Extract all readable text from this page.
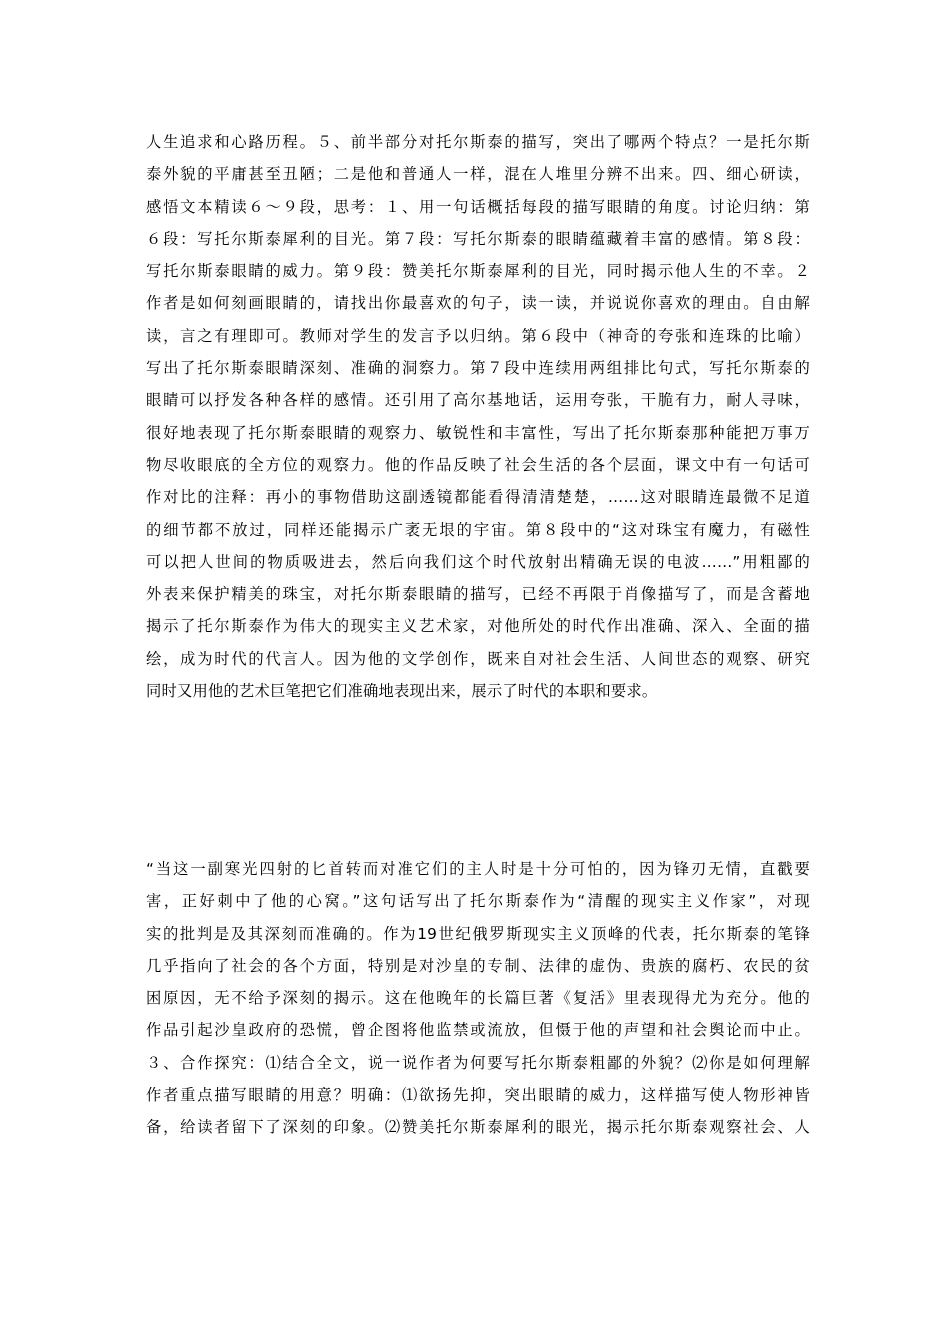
人生追求和心路历程。５、前半部分对托尔斯泰的描写，突出了哪两个特点？一是托尔斯
泰外貌的平庸甚至丑陋；二是他和普通人一样，混在人堆里分辨不出来。四、细心研读，
感悟文本精读６～９段，思考：１、用一句话概括每段的描写眼睛的角度。讨论归纳：第
６段：写托尔斯泰犀利的目光。第７段：写托尔斯泰的眼睛蕴藏着丰富的感情。第８段：
写托尔斯泰眼睛的威力。第９段：赞美托尔斯泰犀利的目光，同时揭示他人生的不幸。２
作者是如何刻画眼睛的，请找出你最喜欢的句子，读一读，并说说你喜欢的理由。自由解
读，言之有理即可。教师对学生的发言予以归纳。第６段中（神奇的夸张和连珠的比喻）
写出了托尔斯泰眼睛深刻、准确的洞察力。第７段中连续用两组排比句式，写托尔斯泰的
眼睛可以抒发各种各样的感情。还引用了高尔基地话，运用夸张，干脆有力，耐人寻味，
很好地表现了托尔斯泰眼睛的观察力、敏锐性和丰富性，写出了托尔斯泰那种能把万事万
物尽收眼底的全方位的观察力。他的作品反映了社会生活的各个层面，课文中有一句话可
作对比的注释：再小的事物借助这副透镜都能看得清清楚楚，……这对眼睛连最微不足道
的细节都不放过，同样还能揭示广袤无垠的宇宙。第８段中的“这对珠宝有魔力，有磁性
可以把人世间的物质吸进去，然后向我们这个时代放射出精确无误的电波……”用粗鄙的
外表来保护精美的珠宝，对托尔斯泰眼睛的描写，已经不再限于肖像描写了，而是含蓄地
揭示了托尔斯泰作为伟大的现实主义艺术家，对他所处的时代作出准确、深入、全面的描
绘，成为时代的代言人。因为他的文学创作，既来自对社会生活、人间世态的观察、研究
同时又用他的艺术巨笔把它们准确地表现出来，展示了时代的本职和要求。
“当这一副寒光四射的匕首转而对准它们的主人时是十分可怕的，因为锋刃无情，直戳要
害，正好刺中了他的心窝。”这句话写出了托尔斯泰作为“清醒的现实主义作家”，对现
实的批判是及其深刻而准确的。作为19世纪俄罗斯现实主义顶峰的代表，托尔斯泰的笔锋
几乎指向了社会的各个方面，特别是对沙皇的专制、法律的虚伪、贵族的腐朽、农民的贫
困原因，无不给予深刻的揭示。这在他晚年的长篇巨著《复活》里表现得尤为充分。他的
作品引起沙皇政府的恐慌，曾企图将他监禁或流放，但慑于他的声望和社会舆论而中止。
３、合作探究：⑴结合全文，说一说作者为何要写托尔斯泰粗鄙的外貌？⑵你是如何理解
作者重点描写眼睛的用意？明确：⑴欲扬先抑，突出眼睛的威力，这样描写使人物形神皆
备，给读者留下了深刻的印象。⑵赞美托尔斯泰犀利的眼光，揭示托尔斯泰观察社会、人
